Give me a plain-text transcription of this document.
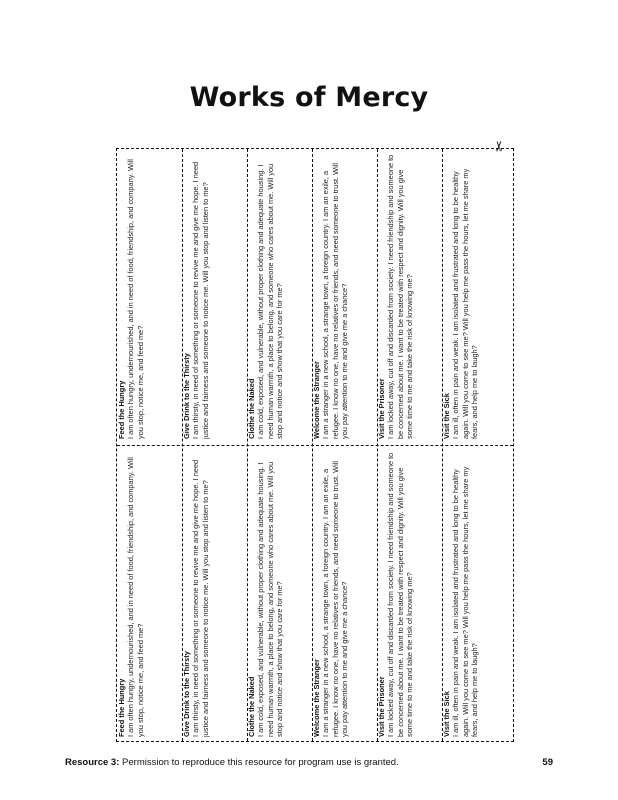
Works of Mercy
✂
Feed the Hungry I am often hungry, undernourished, and in need of food, friendship, and company. Will you stop, notice me, and feed me?	Give Drink to the Thirsty I am thirsty, in need of something or someone to revive me and give me hope. I need justice and fairness and someone to notice me. Will you stop and listen to me?	Clothe the Naked I am cold, exposed, and vulnerable, without proper clothing and adequate housing. I need human warmth, a place to belong, and someone who cares about me. Will you stop and notice and show that you care for me?	Welcome the Stranger I am a stranger in a new school, a strange town, a foreign country. I am an exile, a refugee. I know no one, have no relatives or friends, and need someone to trust. Will you pay attention to me and give me a chance?	Visit the Prisoner I am locked away, cut off and discarded from society. I need friendship and someone to be concerned about me. I want to be treated with respect and dignity. Will you give some time to me and take the risk of knowing me?	Visit the Sick I am ill, often in pain and weak. I am isolated and frustrated and long to be healthy again. Will you come to see me? Will you help me pass the hours, let me share my fears, and help me to laugh?
Feed the Hungry I am often hungry, undernourished, and in need of food, friendship, and company. Will you stop, notice me, and feed me?	Give Drink to the Thirsty I am thirsty, in need of something or someone to revive me and give me hope. I need justice and fairness and someone to notice me. Will you stop and listen to me?	Clothe the Naked I am cold, exposed, and vulnerable, without proper clothing and adequate housing. I need human warmth, a place to belong, and someone who cares about me. Will you stop and notice and show that you care for me?	Welcome the Stranger I am a stranger in a new school, a strange town, a foreign country. I am an exile, a refugee. I know no one, have no relatives or friends, and need someone to trust. Will you pay attention to me and give me a chance?	Visit the Prisoner I am locked away, cut off and discarded from society. I need friendship and someone to be concerned about me. I want to be treated with respect and dignity. Will you give some time to me and take the risk of knowing me?	Visit the Sick I am ill, often in pain and weak. I am isolated and frustrated and long to be healthy again. Will you come to see me? Will you help me pass the hours, let me share my fears, and help me to laugh?
Resource 3: Permission to reproduce this resource for program use is granted.	59
